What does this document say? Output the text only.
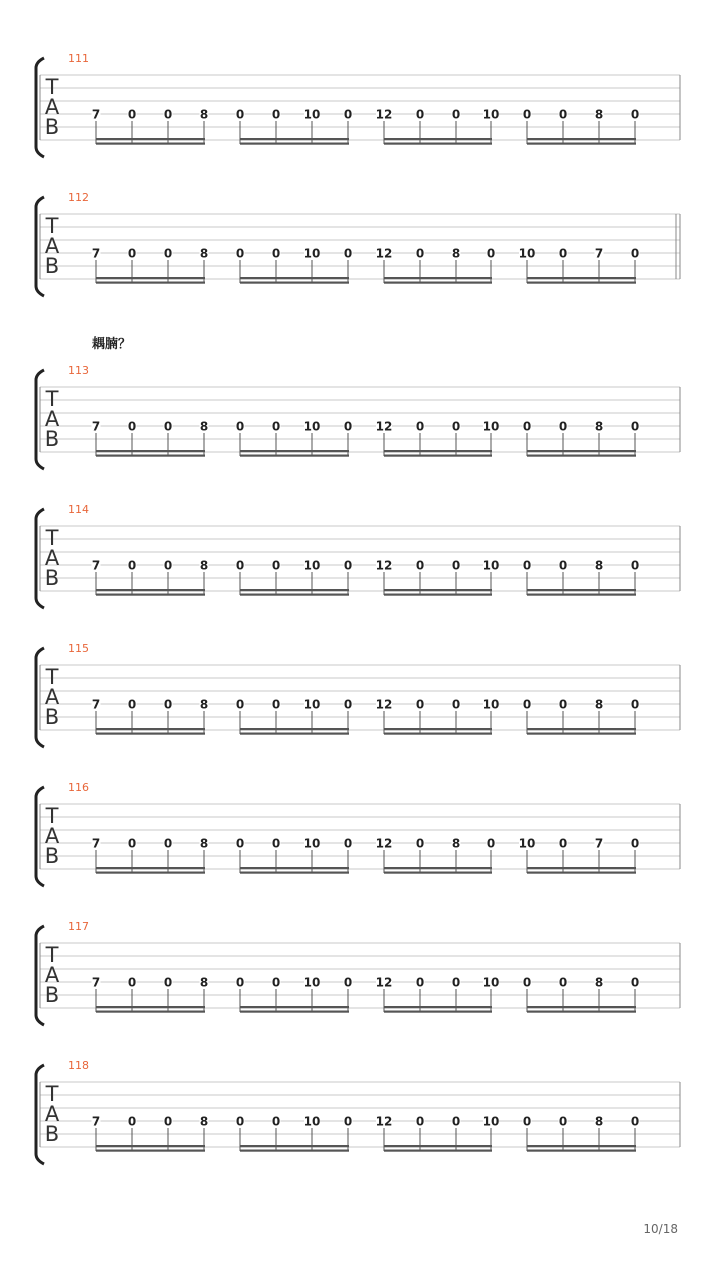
111
T
A
B
7 0 0 8 0 0 10 0 12 0 0 10 0 0 8 0
112
T
A
B
7 0 0 8 0 0 10 0 12 0 8 0 10 0 7 0
113
T
A
B
7 0 0 8 0 0 10 0 12 0 0 10 0 0 8 0
114
T
A
B
7 0 0 8 0 0 10 0 12 0 0 10 0 0 8 0
115
T
A
B
7 0 0 8 0 0 10 0 12 0 0 10 0 0 8 0
116
T
A
B
7 0 0 8 0 0 10 0 12 0 8 0 10 0 7 0
117
T
A
B
7 0 0 8 0 0 10 0 12 0 0 10 0 0 8 0
118
T
A
B
7 0 0 8 0 0 10 0 12 0 0 10 0 0 8 0
耦腩？
10/18
